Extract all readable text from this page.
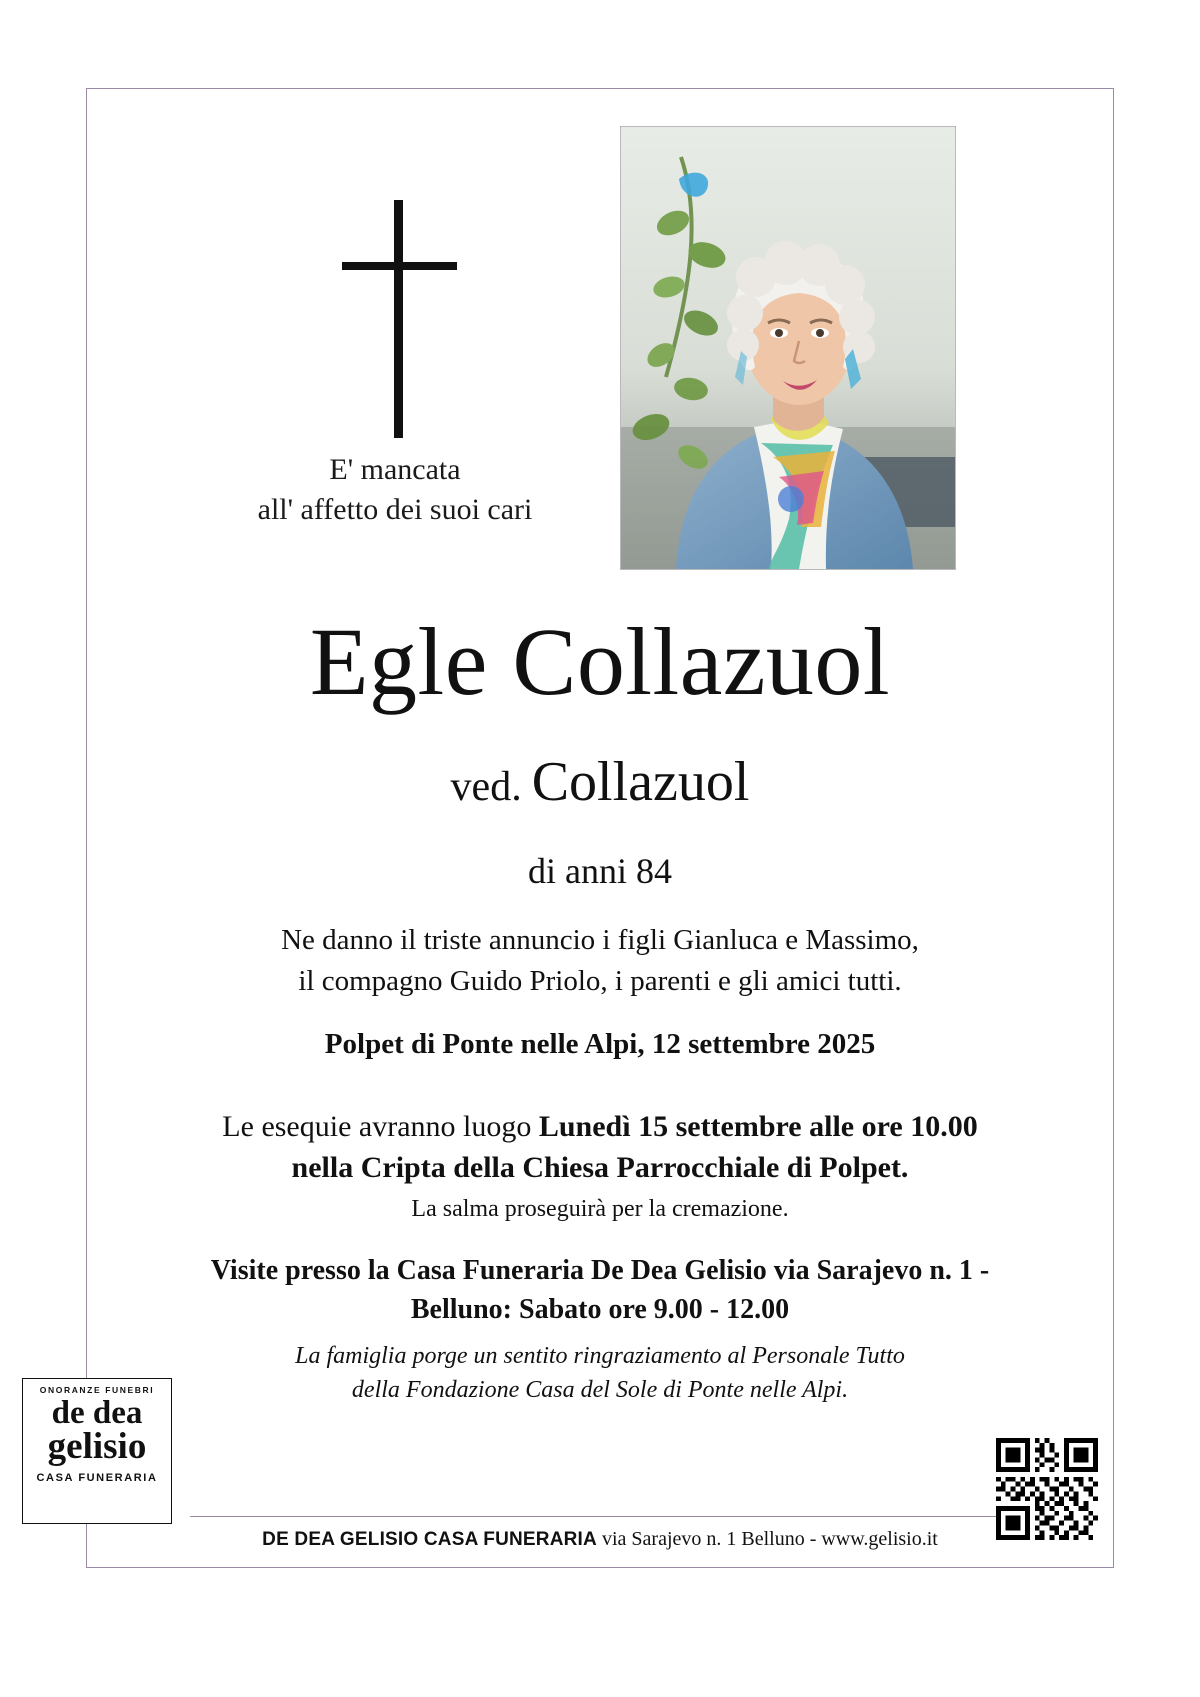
E' mancata
all' affetto dei suoi cari
Egle Collazuol
ved. Collazuol
di anni 84
Ne danno il triste annuncio i figli Gianluca e Massimo,
il compagno Guido Priolo, i parenti e gli amici tutti.
Polpet di Ponte nelle Alpi, 12 settembre 2025
Le esequie avranno luogo Lunedì 15 settembre alle ore 10.00
nella Cripta della Chiesa Parrocchiale di Polpet.
La salma proseguirà per la cremazione.
Visite presso la Casa Funeraria De Dea Gelisio via Sarajevo n. 1 -
Belluno: Sabato ore 9.00 - 12.00
La famiglia porge un sentito ringraziamento al Personale Tutto
della Fondazione Casa del Sole di Ponte nelle Alpi.
ONORANZE FUNEBRI
de dea
gelisio
CASA FUNERARIA
DE DEA GELISIO CASA FUNERARIA via Sarajevo n. 1 Belluno - www.gelisio.it
